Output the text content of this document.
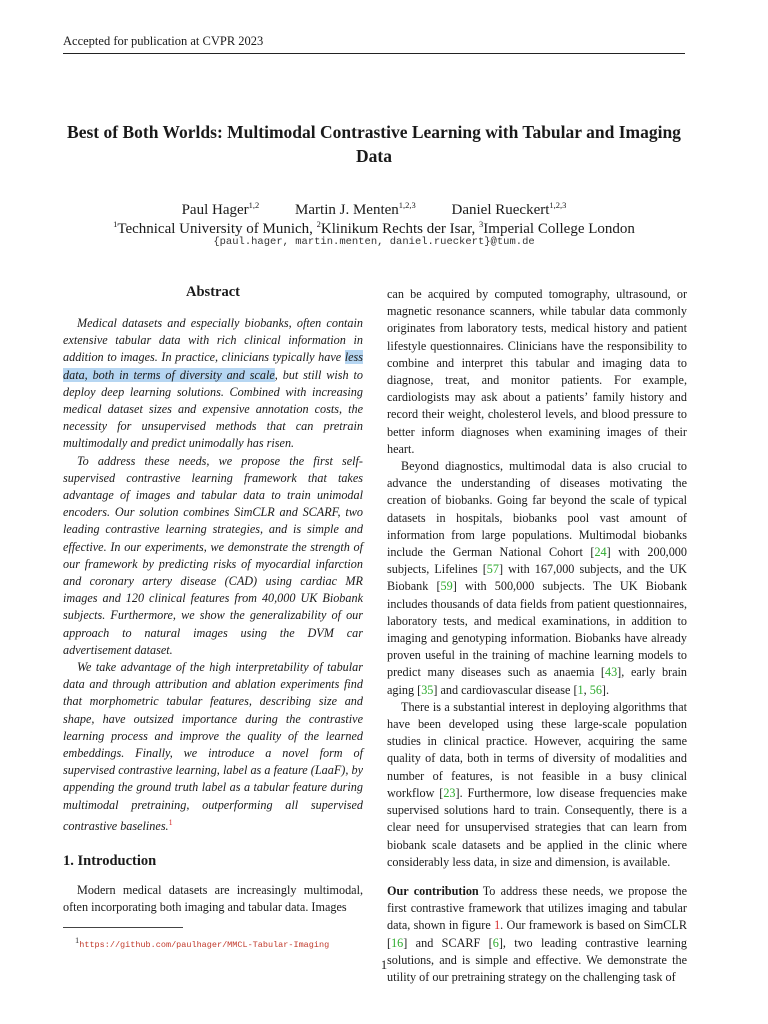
Accepted for publication at CVPR 2023
Best of Both Worlds: Multimodal Contrastive Learning with Tabular and Imaging Data
Paul Hager$^{1,2}$ Martin J. Menten$^{1,2,3}$ Daniel Rueckert$^{1,2,3}$
$^1$Technical University of Munich, $^2$Klinikum Rechts der Isar, $^3$Imperial College London
{paul.hager, martin.menten, daniel.rueckert}@tum.de
Abstract

Medical datasets and especially biobanks, often contain extensive tabular data with rich clinical information in addition to images. In practice, clinicians typically have less data, both in terms of diversity and scale, but still wish to deploy deep learning solutions. Combined with increasing medical dataset sizes and expensive annotation costs, the necessity for unsupervised methods that can pretrain multimodally and predict unimodally has risen.

To address these needs, we propose the first self-supervised contrastive learning framework that takes advantage of images and tabular data to train unimodal encoders. Our solution combines SimCLR and SCARF, two leading contrastive learning strategies, and is simple and effective. In our experiments, we demonstrate the strength of our framework by predicting risks of myocardial infarction and coronary artery disease (CAD) using cardiac MR images and 120 clinical features from 40,000 UK Biobank subjects. Furthermore, we show the generalizability of our approach to natural images using the DVM car advertisement dataset.

We take advantage of the high interpretability of tabular data and through attribution and ablation experiments find that morphometric tabular features, describing size and shape, have outsized importance during the contrastive learning process and improve the quality of the learned embeddings. Finally, we introduce a novel form of supervised contrastive learning, label as a feature (LaaF), by appending the ground truth label as a tabular feature during multimodal pretraining, outperforming all supervised contrastive baselines.$^1$

1. Introduction

Modern medical datasets are increasingly multimodal, often incorporating both imaging and tabular data. Images

$^1$https://github.com/paulhager/MMCL-Tabular-Imaging

can be acquired by computed tomography, ultrasound, or magnetic resonance scanners, while tabular data commonly originates from laboratory tests, medical history and patient lifestyle questionnaires. Clinicians have the responsibility to combine and interpret this tabular and imaging data to diagnose, treat, and monitor patients. For example, cardiologists may ask about a patients’ family history and record their weight, cholesterol levels, and blood pressure to better inform diagnoses when examining images of their heart.

Beyond diagnostics, multimodal data is also crucial to advance the understanding of diseases motivating the creation of biobanks. Going far beyond the scale of typical datasets in hospitals, biobanks pool vast amount of information from large populations. Multimodal biobanks include the German National Cohort [24] with 200,000 subjects, Lifelines [57] with 167,000 subjects, and the UK Biobank [59] with 500,000 subjects. The UK Biobank includes thousands of data fields from patient questionnaires, laboratory tests, and medical examinations, in addition to imaging and genotyping information. Biobanks have already proven useful in the training of machine learning models to predict many diseases such as anaemia [43], early brain aging [35] and cardiovascular disease [1, 56].

There is a substantial interest in deploying algorithms that have been developed using these large-scale population studies in clinical practice. However, acquiring the same quality of data, both in terms of diversity of modalities and number of features, is not feasible in a busy clinical workflow [23]. Furthermore, low disease frequencies make supervised solutions hard to train. Consequently, there is a clear need for unsupervised strategies that can learn from biobank scale datasets and be applied in the clinic where considerably less data, in size and dimension, is available.

Our contribution To address these needs, we propose the first contrastive framework that utilizes imaging and tabular data, shown in figure 1. Our framework is based on SimCLR [16] and SCARF [6], two leading contrastive learning solutions, and is simple and effective. We demonstrate the utility of our pretraining strategy on the challenging task of

1
